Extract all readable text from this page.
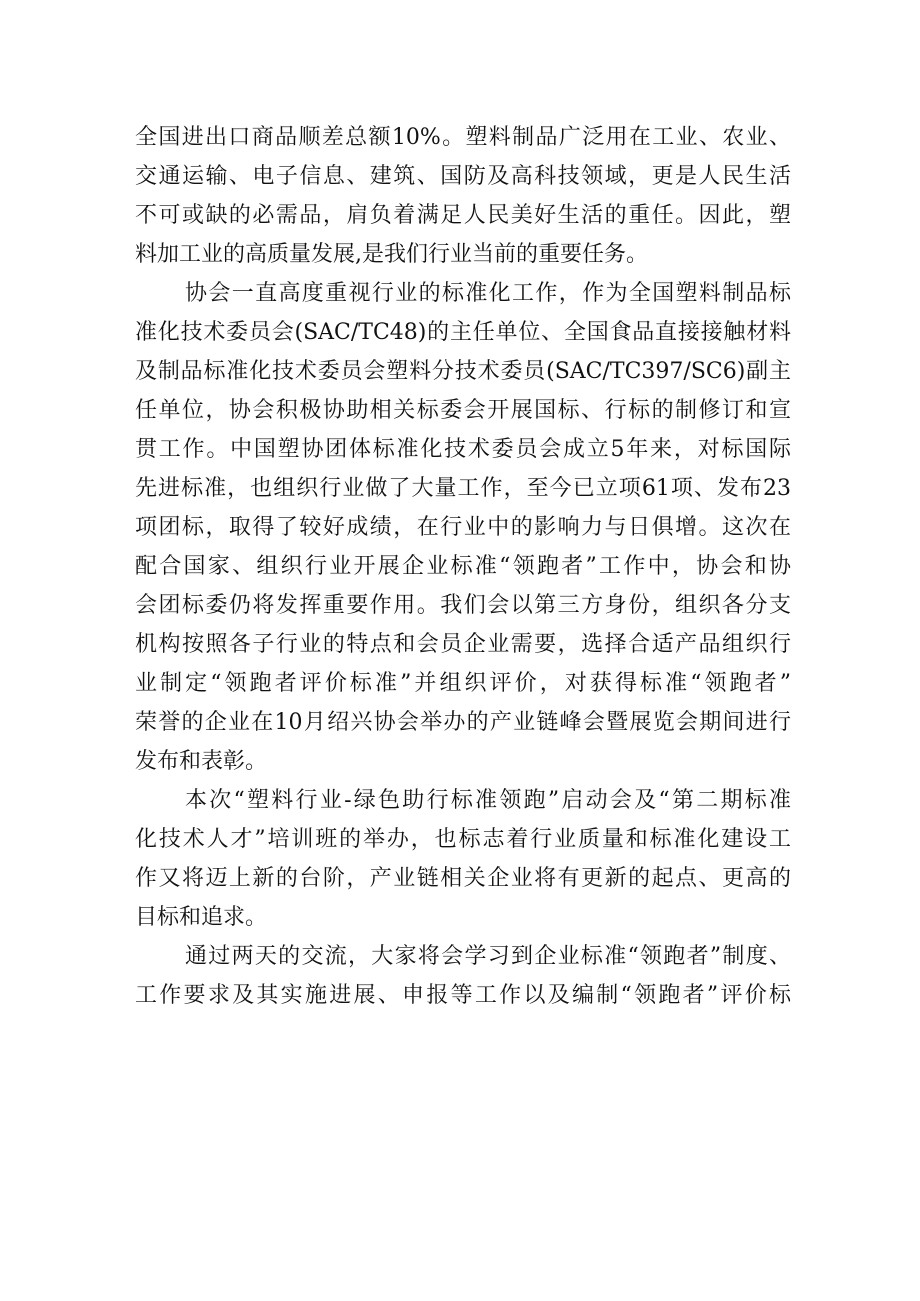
全国进出口商品顺差总额10%。塑料制品广泛用在工业、农业、
交通运输、电子信息、建筑、国防及高科技领域，更是人民生活
不可或缺的必需品，肩负着满足人民美好生活的重任。因此，塑
料加工业的高质量发展,是我们行业当前的重要任务。
协会一直高度重视行业的标准化工作，作为全国塑料制品标
准化技术委员会(SAC/TC48)的主任单位、全国食品直接接触材料
及制品标准化技术委员会塑料分技术委员(SAC/TC397/SC6)副主
任单位，协会积极协助相关标委会开展国标、行标的制修订和宣
贯工作。中国塑协团体标准化技术委员会成立5年来，对标国际
先进标准，也组织行业做了大量工作，至今已立项61项、发布23
项团标，取得了较好成绩，在行业中的影响力与日俱增。这次在
配合国家、组织行业开展企业标准“领跑者”工作中，协会和协
会团标委仍将发挥重要作用。我们会以第三方身份，组织各分支
机构按照各子行业的特点和会员企业需要，选择合适产品组织行
业制定“领跑者评价标准”并组织评价，对获得标准“领跑者”
荣誉的企业在10月绍兴协会举办的产业链峰会暨展览会期间进行
发布和表彰。
本次“塑料行业-绿色助行标准领跑”启动会及“第二期标准
化技术人才”培训班的举办，也标志着行业质量和标准化建设工
作又将迈上新的台阶，产业链相关企业将有更新的起点、更高的
目标和追求。
通过两天的交流，大家将会学习到企业标准“领跑者”制度、
工作要求及其实施进展、申报等工作以及编制“领跑者”评价标
